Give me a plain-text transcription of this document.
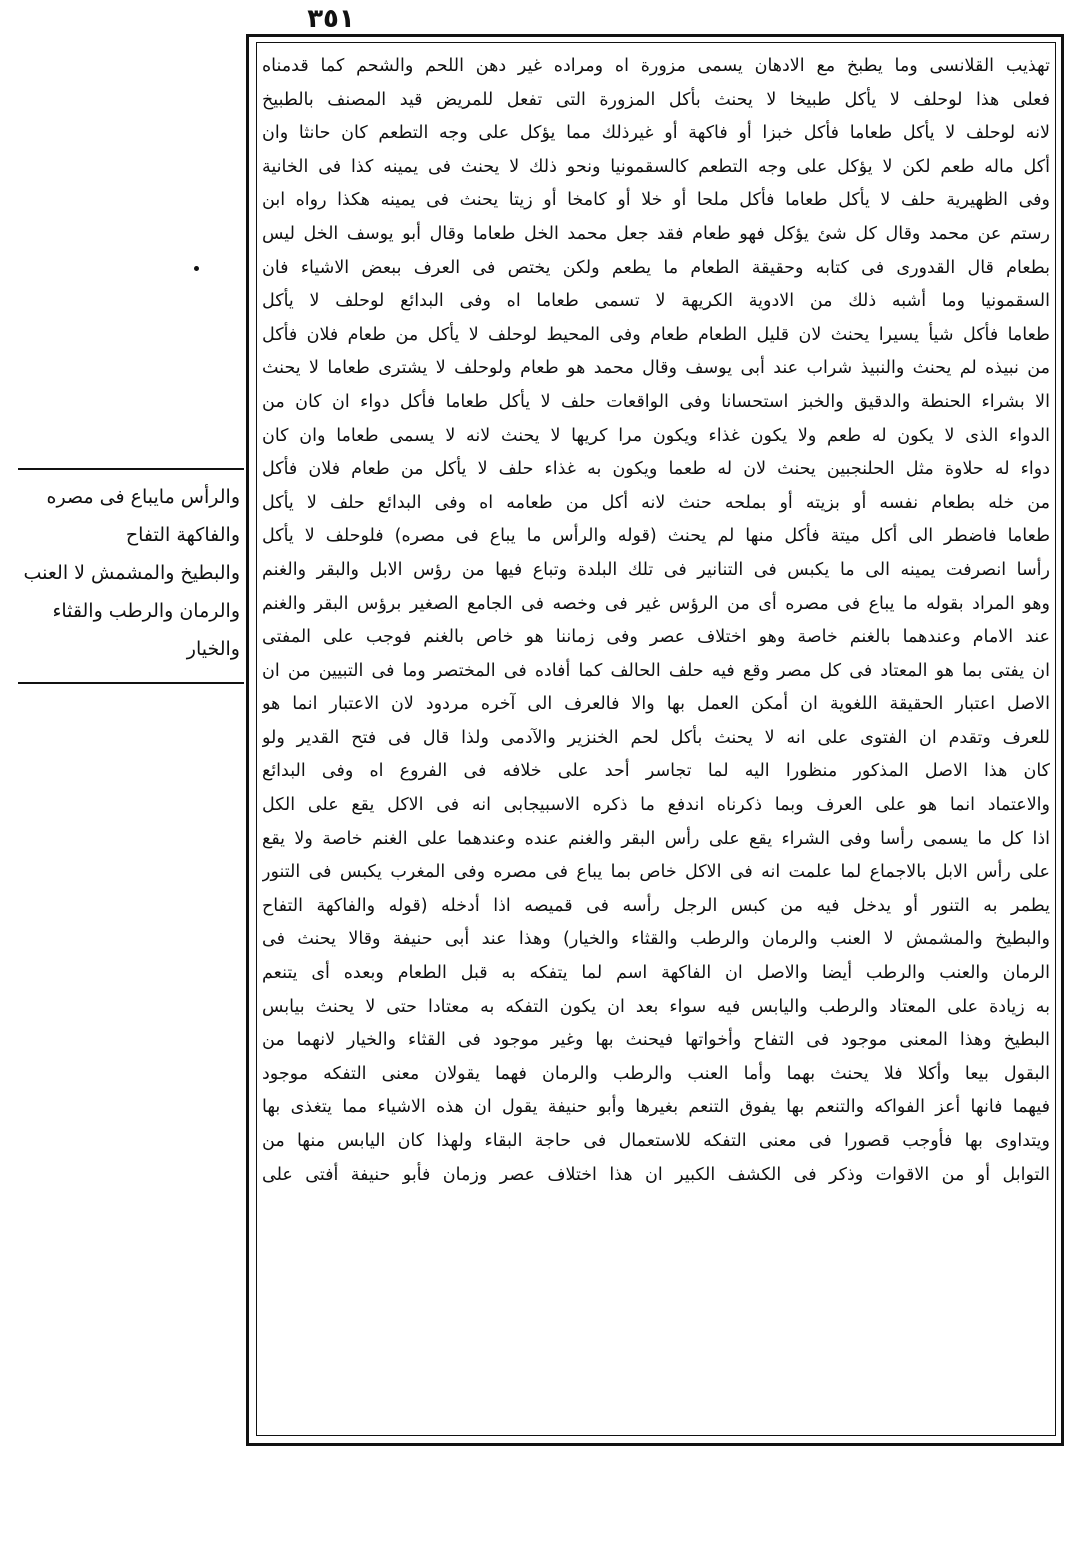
٣٥١
والرأس مايباع فى مصره
والفاكهة التفاح
والبطيخ والمشمش لا العنب
والرمان والرطب والقثاء
والخيار
تهذيب القلانسى وما يطبخ مع الادهان يسمى مزورة اه ومراده غير دهن اللحم والشحم كما قدمناه
فعلى هذا لوحلف لا يأكل طبيخا لا يحنث بأكل المزورة التى تفعل للمريض قيد المصنف بالطبيخ
لانه لوحلف لا يأكل طعاما فأكل خبزا أو فاكهة أو غيرذلك مما يؤكل على وجه التطعم كان حانثا وان
أكل ماله طعم لكن لا يؤكل على وجه التطعم كالسقمونيا ونحو ذلك لا يحنث فى يمينه كذا فى الخانية
وفى الظهيرية حلف لا يأكل طعاما فأكل ملحا أو خلا أو كامخا أو زيتا يحنث فى يمينه هكذا رواه ابن
رستم عن محمد وقال كل شئ يؤكل فهو طعام فقد جعل محمد الخل طعاما وقال أبو يوسف الخل ليس
بطعام قال القدورى فى كتابه وحقيقة الطعام ما يطعم ولكن يختص فى العرف ببعض الاشياء فان
السقمونيا وما أشبه ذلك من الادوية الكريهة لا تسمى طعاما اه وفى البدائع لوحلف لا يأكل
طعاما فأكل شيأ يسيرا يحنث لان قليل الطعام طعام وفى المحيط لوحلف لا يأكل من طعام فلان فأكل
من نبيذه لم يحنث والنبيذ شراب عند أبى يوسف وقال محمد هو طعام ولوحلف لا يشترى طعاما لا يحنث
الا بشراء الحنطة والدقيق والخبز استحسانا وفى الواقعات حلف لا يأكل طعاما فأكل دواء ان كان من
الدواء الذى لا يكون له طعم ولا يكون غذاء ويكون مرا كريها لا يحنث لانه لا يسمى طعاما وان كان
دواء له حلاوة مثل الحلنجبين يحنث لان له طعما ويكون به غذاء حلف لا يأكل من طعام فلان فأكل
من خله بطعام نفسه أو بزيته أو بملحه حنث لانه أكل من طعامه اه وفى البدائع حلف لا يأكل
طعاما فاضطر الى أكل ميتة فأكل منها لم يحنث (قوله والرأس ما يباع فى مصره) فلوحلف لا يأكل
رأسا انصرفت يمينه الى ما يكبس فى التنانير فى تلك البلدة وتباع فيها من رؤس الابل والبقر والغنم
وهو المراد بقوله ما يباع فى مصره أى من الرؤس غير فى وخصه فى الجامع الصغير برؤس البقر والغنم
عند الامام وعندهما بالغنم خاصة وهو اختلاف عصر وفى زماننا هو خاص بالغنم فوجب على المفتى
ان يفتى بما هو المعتاد فى كل مصر وقع فيه حلف الحالف كما أفاده فى المختصر وما فى التبيين من ان
الاصل اعتبار الحقيقة اللغوية ان أمكن العمل بها والا فالعرف الى آخره مردود لان الاعتبار انما هو
للعرف وتقدم ان الفتوى على انه لا يحنث بأكل لحم الخنزير والآدمى ولذا قال فى فتح القدير ولو
كان هذا الاصل المذكور منظورا اليه لما تجاسر أحد على خلافه فى الفروع اه وفى البدائع
والاعتماد انما هو على العرف وبما ذكرناه اندفع ما ذكره الاسبيجابى انه فى الاكل يقع على الكل
اذا كل ما يسمى رأسا وفى الشراء يقع على رأس البقر والغنم عنده وعندهما على الغنم خاصة ولا يقع
على رأس الابل بالاجماع لما علمت انه فى الاكل خاص بما يباع فى مصره وفى المغرب يكبس فى التنور
يطمر به التنور أو يدخل فيه من كبس الرجل رأسه فى قميصه اذا أدخله (قوله والفاكهة التفاح
والبطيخ والمشمش لا العنب والرمان والرطب والقثاء والخيار) وهذا عند أبى حنيفة وقالا يحنث فى
الرمان والعنب والرطب أيضا والاصل ان الفاكهة اسم لما يتفكه به قبل الطعام وبعده أى يتنعم
به زيادة على المعتاد والرطب واليابس فيه سواء بعد ان يكون التفكه به معتادا حتى لا يحنث بيابس
البطيخ وهذا المعنى موجود فى التفاح وأخواتها فيحنث بها وغير موجود فى القثاء والخيار لانهما من
البقول بيعا وأكلا فلا يحنث بهما وأما العنب والرطب والرمان فهما يقولان معنى التفكه موجود
فيهما فانها أعز الفواكه والتنعم بها يفوق التنعم بغيرها وأبو حنيفة يقول ان هذه الاشياء مما يتغذى بها
ويتداوى بها فأوجب قصورا فى معنى التفكه للاستعمال فى حاجة البقاء ولهذا كان اليابس منها من
التوابل أو من الاقوات وذكر فى الكشف الكبير ان هذا اختلاف عصر وزمان فأبو حنيفة أفتى على
